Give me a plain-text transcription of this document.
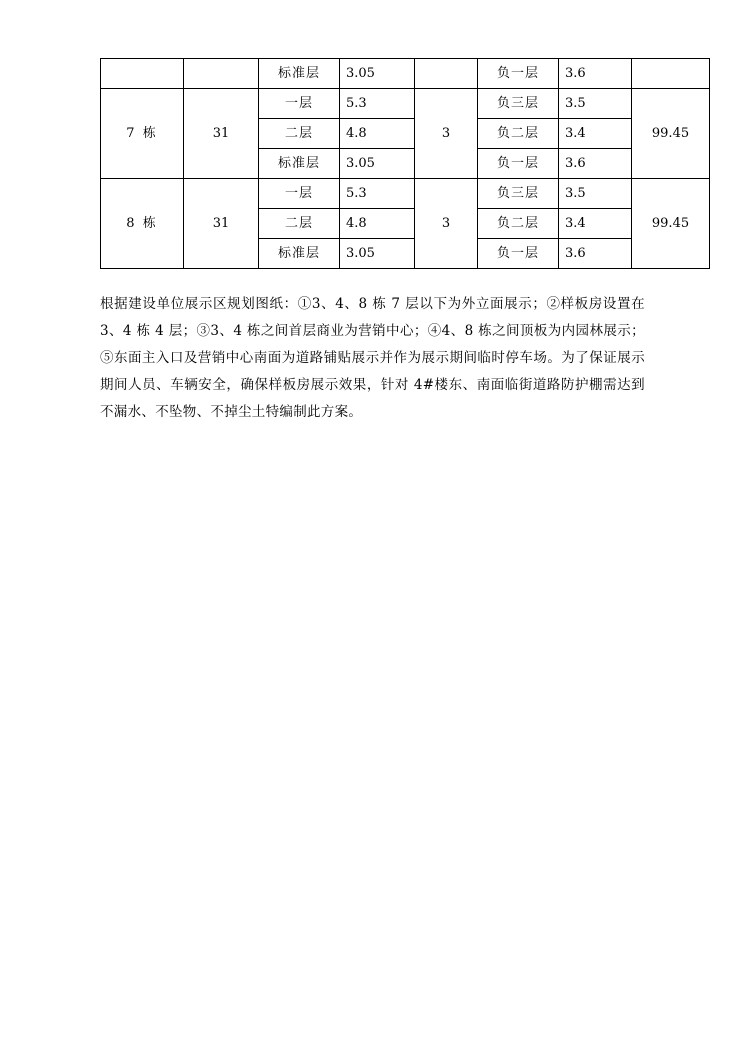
		标准层	3.05		负一层	3.6	
7 栋	31	一层	5.3	3	负三层	3.5	99.45
		二层	4.8		负二层	3.4	
		标准层	3.05		负一层	3.6	
8 栋	31	一层	5.3	3	负三层	3.5	99.45
		二层	4.8		负二层	3.4	
		标准层	3.05		负一层	3.6	

根据建设单位展示区规划图纸：①3、4、8 栋 7 层以下为外立面展示；②样板房设置在 3、4 栋 4 层；③3、4 栋之间首层商业为营销中心；④4、8 栋之间顶板为内园林展示；⑤东面主入口及营销中心南面为道路铺贴展示并作为展示期间临时停车场。为了保证展示期间人员、车辆安全，确保样板房展示效果，针对 4#楼东、南面临街道路防护棚需达到不漏水、不坠物、不掉尘土特编制此方案。
